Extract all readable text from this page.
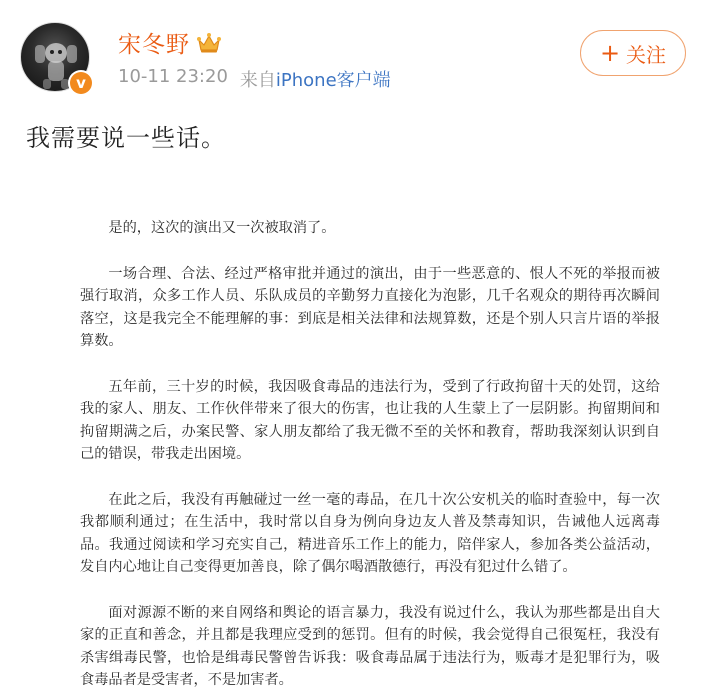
v
宋冬野
10-11 23:20 来自iPhone客户端
+ 关注
我需要说一些话。

是的，这次的演出又一次被取消了。

一场合理、合法、经过严格审批并通过的演出，由于一些恶意的、恨人不死的举报而被强行取消，众多工作人员、乐队成员的辛勤努力直接化为泡影，几千名观众的期待再次瞬间落空，这是我完全不能理解的事：到底是相关法律和法规算数，还是个别人只言片语的举报算数。

五年前，三十岁的时候，我因吸食毒品的违法行为，受到了行政拘留十天的处罚，这给我的家人、朋友、工作伙伴带来了很大的伤害，也让我的人生蒙上了一层阴影。拘留期间和拘留期满之后，办案民警、家人朋友都给了我无微不至的关怀和教育，帮助我深刻认识到自己的错误，带我走出困境。

在此之后，我没有再触碰过一丝一毫的毒品，在几十次公安机关的临时查验中，每一次我都顺利通过；在生活中，我时常以自身为例向身边友人普及禁毒知识，告诫他人远离毒品。我通过阅读和学习充实自己，精进音乐工作上的能力，陪伴家人，参加各类公益活动，发自内心地让自己变得更加善良，除了偶尔喝酒散德行，再没有犯过什么错了。

面对源源不断的来自网络和舆论的语言暴力，我没有说过什么，我认为那些都是出自大家的正直和善念，并且都是我理应受到的惩罚。但有的时候，我会觉得自己很冤枉，我没有杀害缉毒民警，也恰是缉毒民警曾告诉我：吸食毒品属于违法行为，贩毒才是犯罪行为，吸食毒品者是受害者，不是加害者。
